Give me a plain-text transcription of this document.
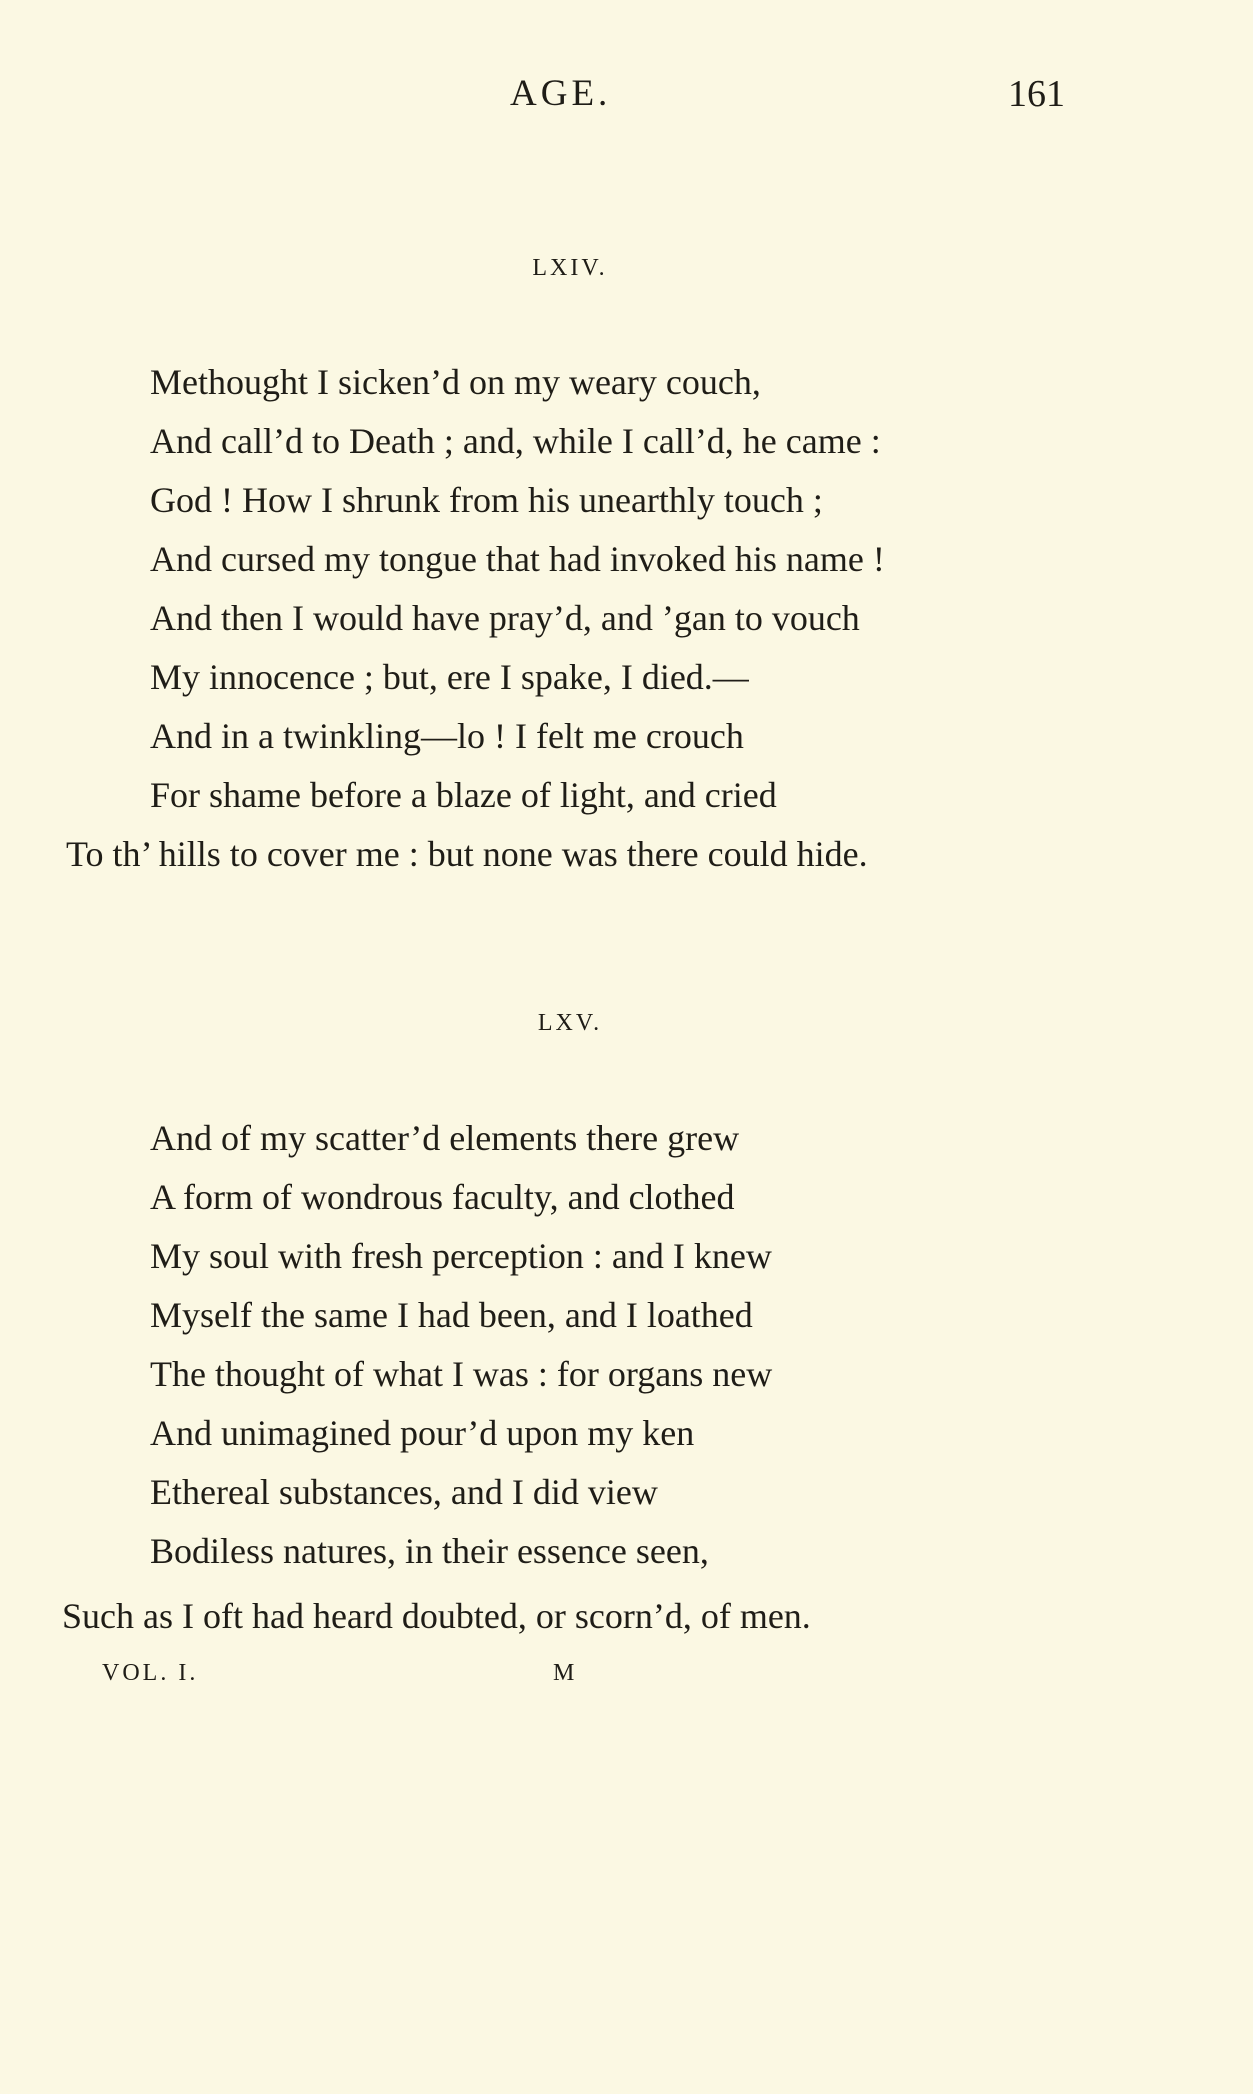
AGE.	161
LXIV.
Methought I sicken’d on my weary couch,
And call’d to Death ; and, while I call’d, he came :
God ! How I shrunk from his unearthly touch ;
And cursed my tongue that had invoked his name !
And then I would have pray’d, and ’gan to vouch
My innocence ; but, ere I spake, I died.—
And in a twinkling—lo ! I felt me crouch
For shame before a blaze of light, and cried
To th’ hills to cover me : but none was there could hide.
LXV.
And of my scatter’d elements there grew
A form of wondrous faculty, and clothed
My soul with fresh perception : and I knew
Myself the same I had been, and I loathed
The thought of what I was : for organs new
And unimagined pour’d upon my ken
Ethereal substances, and I did view
Bodiless natures, in their essence seen,
Such as I oft had heard doubted, or scorn’d, of men.
VOL. I.	M
